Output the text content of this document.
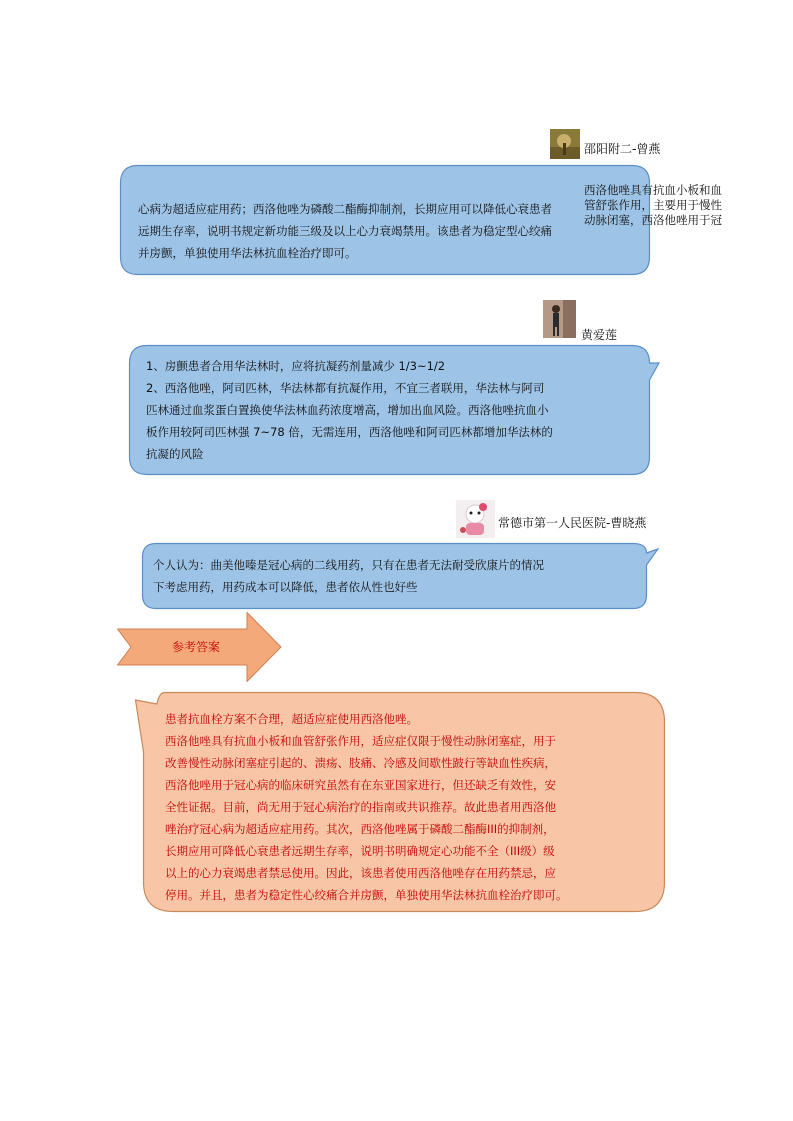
邵阳附二-曾燕
心病为超适应症用药；西洛他唑为磷酸二酯酶抑制剂，长期应用可以降低心衰患者
远期生存率，说明书规定新功能三级及以上心力衰竭禁用。该患者为稳定型心绞痛
并房颤，单独使用华法林抗血栓治疗即可。
西洛他唑具有抗血小板和血
管舒张作用，主要用于慢性
动脉闭塞，西洛他唑用于冠
黄爱莲
1、房颤患者合用华法林时，应将抗凝药剂量减少 1/3~1/2
2、西洛他唑，阿司匹林，华法林都有抗凝作用，不宜三者联用，华法林与阿司
匹林通过血浆蛋白置换使华法林血药浓度增高，增加出血风险。西洛他唑抗血小
板作用较阿司匹林强 7~78 倍，无需连用，西洛他唑和阿司匹林都增加华法林的
抗凝的风险
常德市第一人民医院-曹晓燕
个人认为：曲美他嗪是冠心病的二线用药，只有在患者无法耐受欣康片的情况
下考虑用药，用药成本可以降低，患者依从性也好些
参考答案
患者抗血栓方案不合理，超适应症使用西洛他唑。
西洛他唑具有抗血小板和血管舒张作用，适应症仅限于慢性动脉闭塞症，用于
改善慢性动脉闭塞症引起的、溃疡、肢痛、冷感及间歇性跛行等缺血性疾病，
西洛他唑用于冠心病的临床研究虽然有在东亚国家进行，但还缺乏有效性，安
全性证据。目前，尚无用于冠心病治疗的指南或共识推荐。故此患者用西洛他
唑治疗冠心病为超适应症用药。其次，西洛他唑属于磷酸二酯酶III的抑制剂，
长期应用可降低心衰患者远期生存率，说明书明确规定心功能不全（III级）级
以上的心力衰竭患者禁忌使用。因此，该患者使用西洛他唑存在用药禁忌，应
停用。并且，患者为稳定性心绞痛合并房颤，单独使用华法林抗血栓治疗即可。
